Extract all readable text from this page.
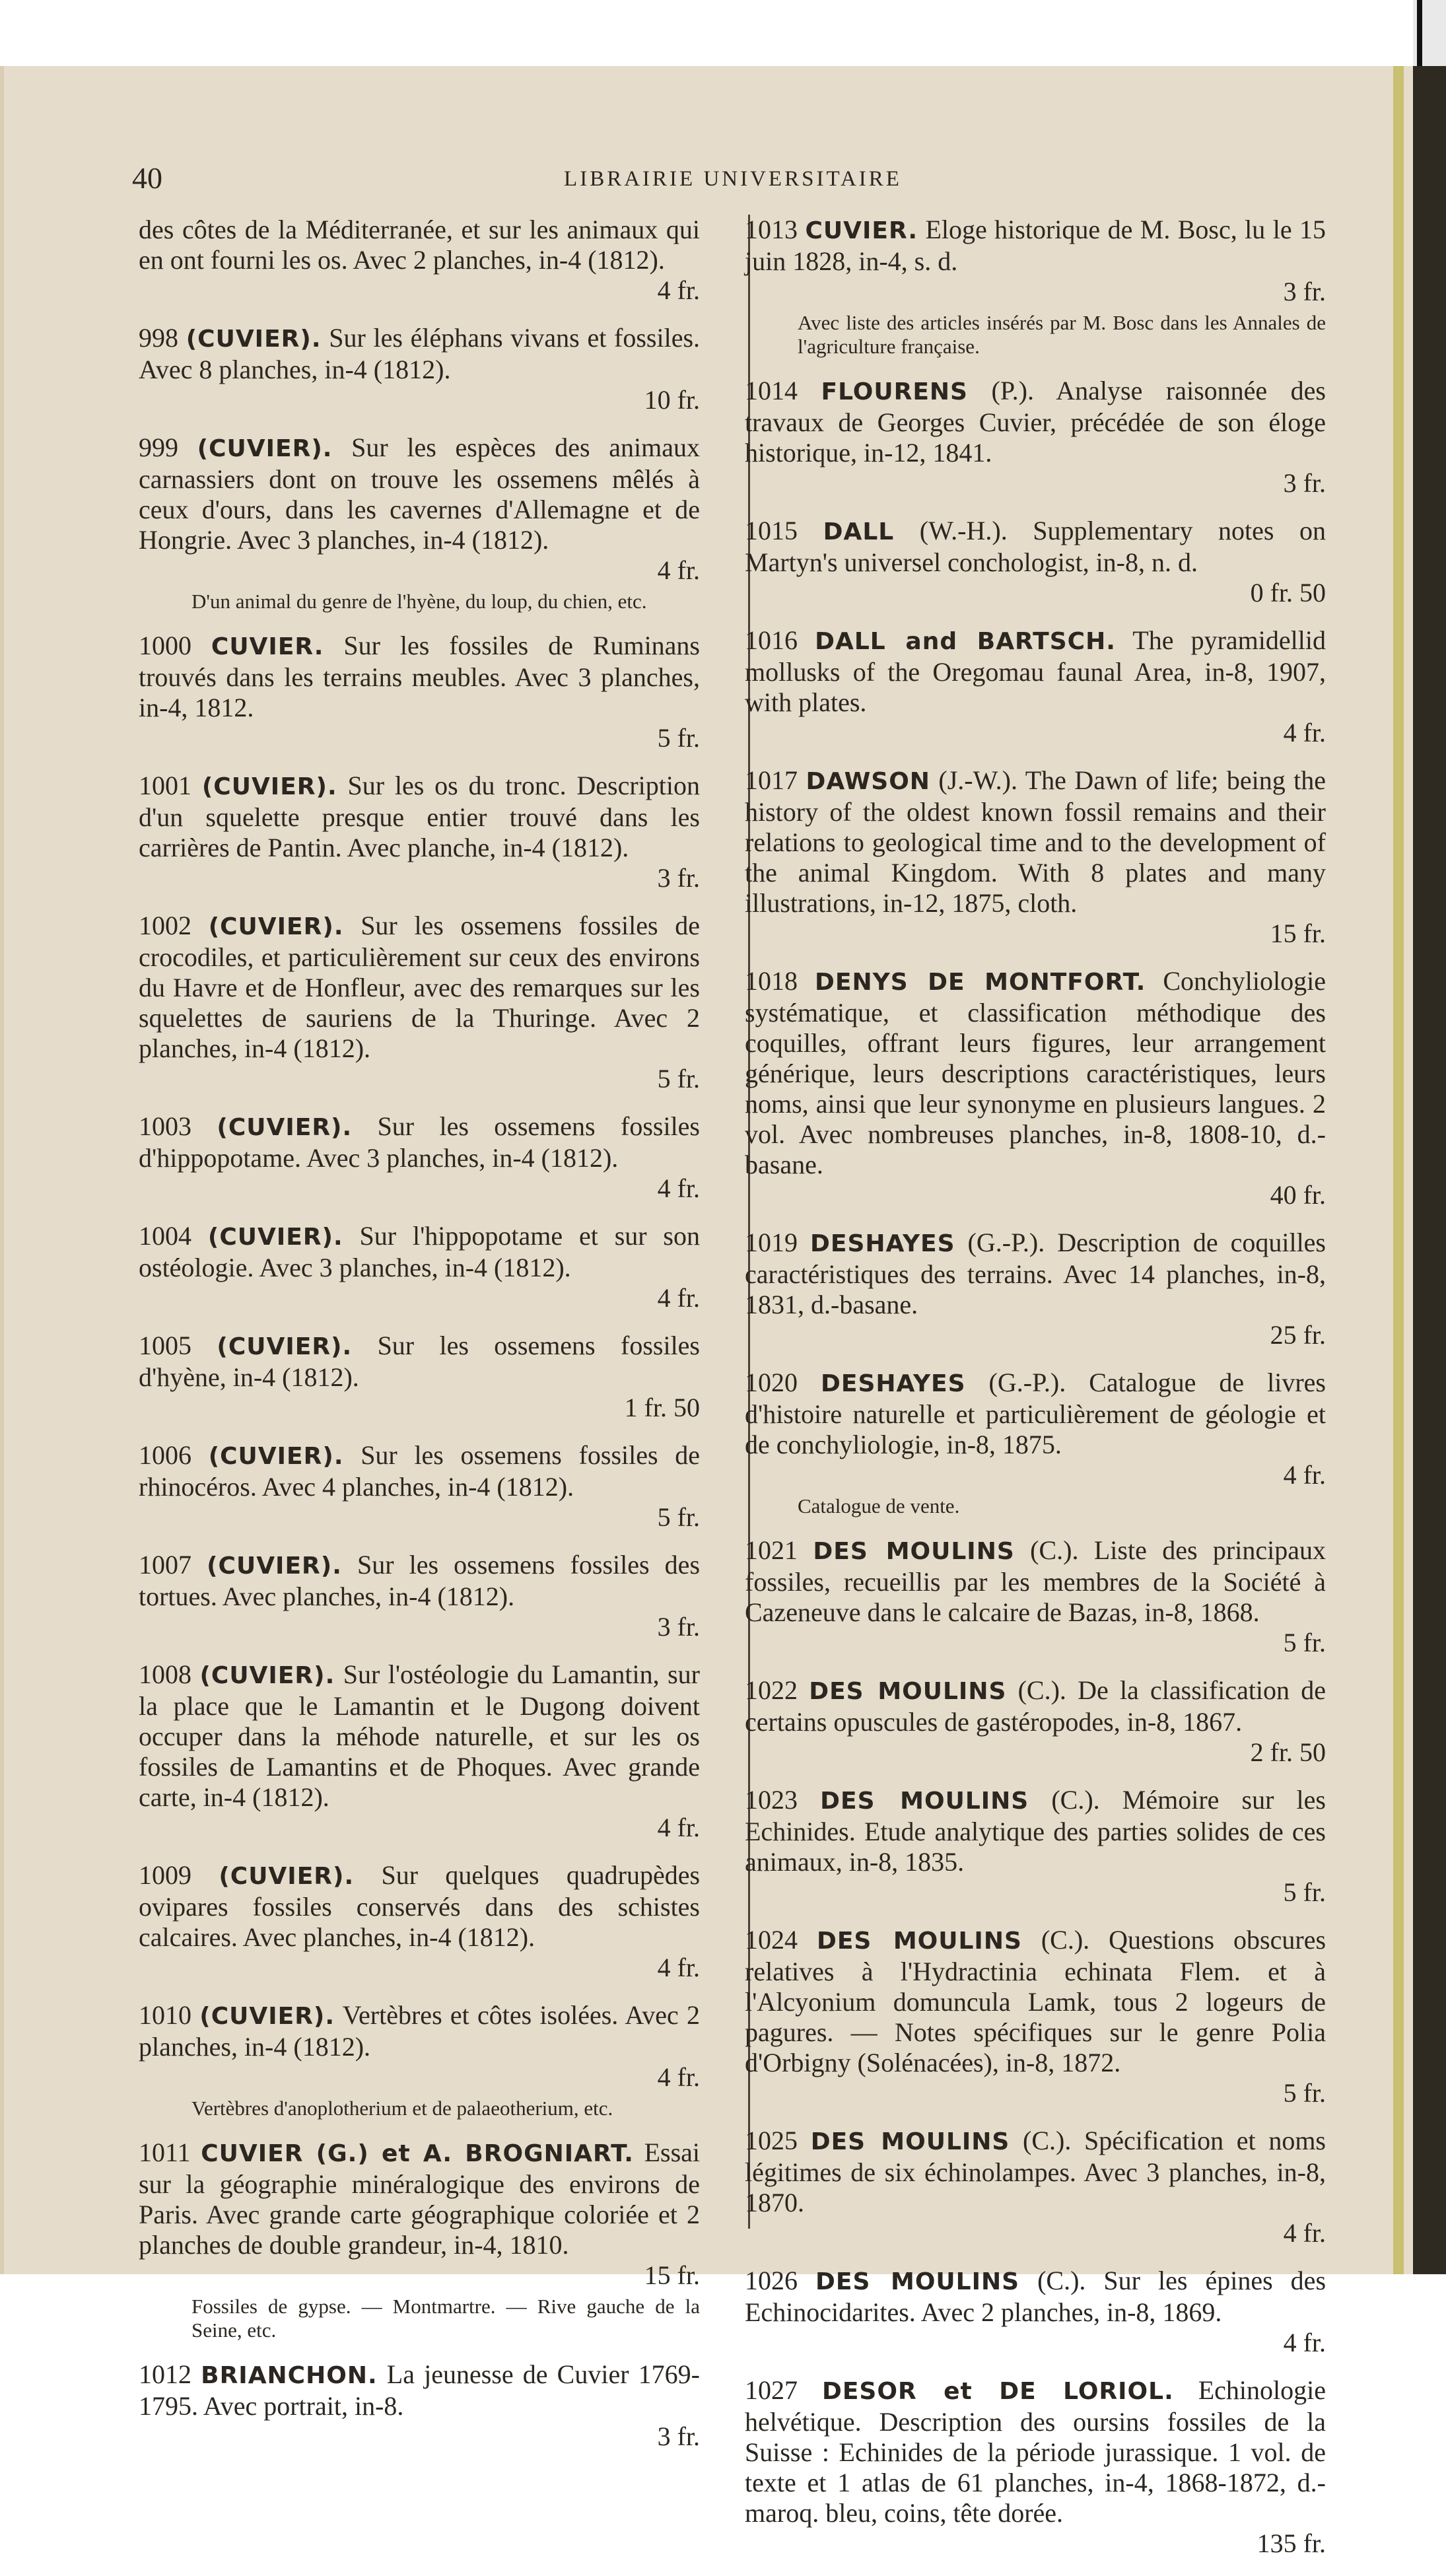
40	LIBRAIRIE UNIVERSITAIRE
des côtes de la Méditerranée, et sur les animaux qui en ont fourni les os. Avec 2 planches, in-4 (1812).
4 fr.
998 (CUVIER). Sur les éléphans vivans et fossiles. Avec 8 planches, in-4 (1812).
10 fr.
999 (CUVIER). Sur les espèces des animaux carnassiers dont on trouve les ossemens mêlés à ceux d'ours, dans les cavernes d'Allemagne et de Hongrie. Avec 3 planches, in-4 (1812).
4 fr.
D'un animal du genre de l'hyène, du loup, du chien, etc.
1000 CUVIER. Sur les fossiles de Ruminans trouvés dans les terrains meubles. Avec 3 planches, in-4, 1812.
5 fr.
1001 (CUVIER). Sur les os du tronc. Description d'un squelette presque entier trouvé dans les carrières de Pantin. Avec planche, in-4 (1812).
3 fr.
1002 (CUVIER). Sur les ossemens fossiles de crocodiles, et particulièrement sur ceux des environs du Havre et de Honfleur, avec des remarques sur les squelettes de sauriens de la Thuringe. Avec 2 planches, in-4 (1812).
5 fr.
1003 (CUVIER). Sur les ossemens fossiles d'hippopotame. Avec 3 planches, in-4 (1812).
4 fr.
1004 (CUVIER). Sur l'hippopotame et sur son ostéologie. Avec 3 planches, in-4 (1812).
4 fr.
1005 (CUVIER). Sur les ossemens fossiles d'hyène, in-4 (1812).
1 fr. 50
1006 (CUVIER). Sur les ossemens fossiles de rhinocéros. Avec 4 planches, in-4 (1812).
5 fr.
1007 (CUVIER). Sur les ossemens fossiles des tortues. Avec planches, in-4 (1812).
3 fr.
1008 (CUVIER). Sur l'ostéologie du Lamantin, sur la place que le Lamantin et le Dugong doivent occuper dans la méhode naturelle, et sur les os fossiles de Lamantins et de Phoques. Avec grande carte, in-4 (1812).
4 fr.
1009 (CUVIER). Sur quelques quadrupèdes ovipares fossiles conservés dans des schistes calcaires. Avec planches, in-4 (1812).
4 fr.
1010 (CUVIER). Vertèbres et côtes isolées. Avec 2 planches, in-4 (1812).
4 fr.
Vertèbres d'anoplotherium et de palaeotherium, etc.
1011 CUVIER (G.) et A. BROGNIART. Essai sur la géographie minéralogique des environs de Paris. Avec grande carte géographique coloriée et 2 planches de double grandeur, in-4, 1810.
15 fr.
Fossiles de gypse. — Montmartre. — Rive gauche de la Seine, etc.
1012 BRIANCHON. La jeunesse de Cuvier 1769-1795. Avec portrait, in-8.
3 fr.
1013 CUVIER. Eloge historique de M. Bosc, lu le 15 juin 1828, in-4, s. d.
3 fr.
Avec liste des articles insérés par M. Bosc dans les Annales de l'agriculture française.
1014 FLOURENS (P.). Analyse raisonnée des travaux de Georges Cuvier, précédée de son éloge historique, in-12, 1841.
3 fr.
1015 DALL (W.-H.). Supplementary notes on Martyn's universel conchologist, in-8, n. d.
0 fr. 50
1016 DALL and BARTSCH. The pyramidellid mollusks of the Oregomau faunal Area, in-8, 1907, with plates.
4 fr.
1017 DAWSON (J.-W.). The Dawn of life; being the history of the oldest known fossil remains and their relations to geological time and to the development of the animal Kingdom. With 8 plates and many illustrations, in-12, 1875, cloth.
15 fr.
1018 DENYS DE MONTFORT. Conchyliologie systématique, et classification méthodique des coquilles, offrant leurs figures, leur arrangement générique, leurs descriptions caractéristiques, leurs noms, ainsi que leur synonyme en plusieurs langues. 2 vol. Avec nombreuses planches, in-8, 1808-10, d.-basane.
40 fr.
1019 DESHAYES (G.-P.). Description de coquilles caractéristiques des terrains. Avec 14 planches, in-8, 1831, d.-basane.
25 fr.
1020 DESHAYES (G.-P.). Catalogue de livres d'histoire naturelle et particulièrement de géologie et de conchyliologie, in-8, 1875.
4 fr.
Catalogue de vente.
1021 DES MOULINS (C.). Liste des principaux fossiles, recueillis par les membres de la Société à Cazeneuve dans le calcaire de Bazas, in-8, 1868.
5 fr.
1022 DES MOULINS (C.). De la classification de certains opuscules de gastéropodes, in-8, 1867.
2 fr. 50
1023 DES MOULINS (C.). Mémoire sur les Echinides. Etude analytique des parties solides de ces animaux, in-8, 1835.
5 fr.
1024 DES MOULINS (C.). Questions obscures relatives à l'Hydractinia echinata Flem. et à l'Alcyonium domuncula Lamk, tous 2 logeurs de pagures. — Notes spécifiques sur le genre Polia d'Orbigny (Solénacées), in-8, 1872.
5 fr.
1025 DES MOULINS (C.). Spécification et noms légitimes de six échinolampes. Avec 3 planches, in-8, 1870.
4 fr.
1026 DES MOULINS (C.). Sur les épines des Echinocidarites. Avec 2 planches, in-8, 1869.
4 fr.
1027 DESOR et DE LORIOL. Echinologie helvétique. Description des oursins fossiles de la Suisse : Echinides de la période jurassique. 1 vol. de texte et 1 atlas de 61 planches, in-4, 1868-1872, d.-maroq. bleu, coins, tête dorée.
135 fr.
